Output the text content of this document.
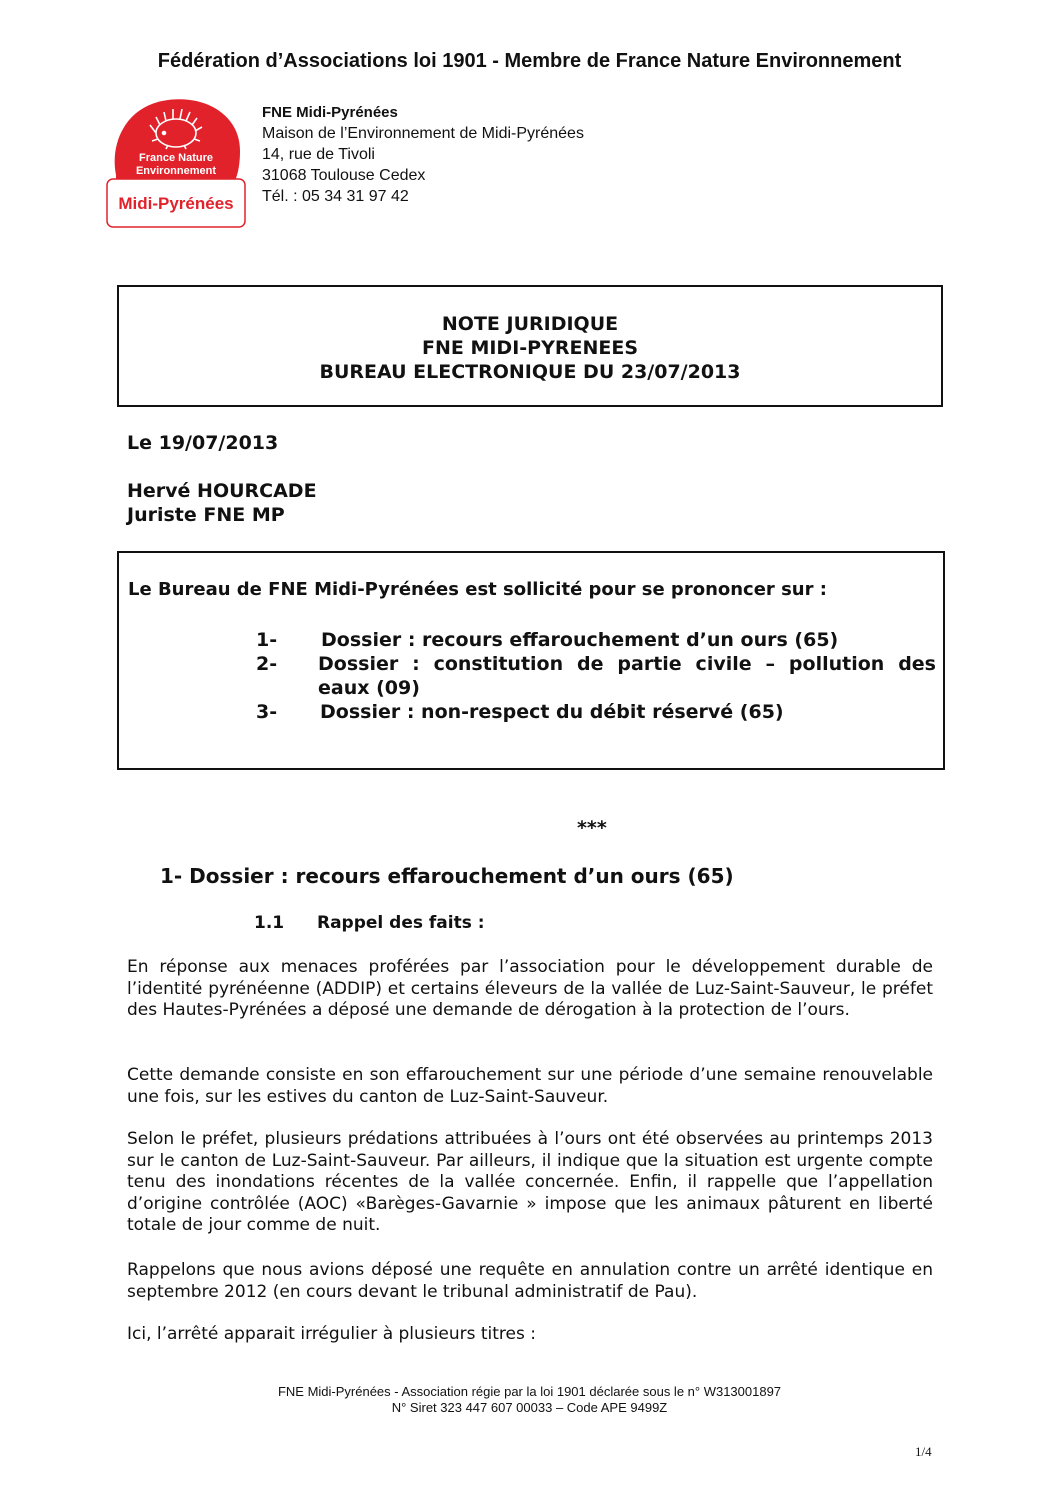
Fédération d’Associations loi 1901 - Membre de France Nature Environnement
France Nature
Environnement
Midi-Pyrénées
FNE Midi-Pyrénées
Maison de l’Environnement de Midi-Pyrénées
14, rue de Tivoli
31068 Toulouse Cedex
Tél. : 05 34 31 97 42
NOTE JURIDIQUE
FNE MIDI-PYRENEES
BUREAU ELECTRONIQUE DU 23/07/2013
Le 19/07/2013
Hervé HOURCADE
Juriste FNE MP
Le Bureau de FNE Midi-Pyrénées est sollicité pour se prononcer sur :
1- Dossier : recours effarouchement d’un ours (65)
2- Dossier : constitution de partie civile – pollution des
eaux (09)
3- Dossier : non-respect du débit réservé (65)
***
1- Dossier : recours effarouchement d’un ours (65)
1.1 Rappel des faits :

En réponse aux menaces proférées par l’association pour le développement durable de l’identité pyrénéenne (ADDIP) et certains éleveurs de la vallée de Luz-Saint-Sauveur, le préfet des Hautes-Pyrénées a déposé une demande de dérogation à la protection de l’ours.

Cette demande consiste en son effarouchement sur une période d’une semaine renouvelable une fois, sur les estives du canton de Luz-Saint-Sauveur.

Selon le préfet, plusieurs prédations attribuées à l’ours ont été observées au printemps 2013 sur le canton de Luz-Saint-Sauveur. Par ailleurs, il indique que la situation est urgente compte tenu des inondations récentes de la vallée concernée. Enfin, il rappelle que l’appellation d’origine contrôlée (AOC) «Barèges-Gavarnie » impose que les animaux pâturent en liberté totale de jour comme de nuit.

Rappelons que nous avions déposé une requête en annulation contre un arrêté identique en septembre 2012 (en cours devant le tribunal administratif de Pau).

Ici, l’arrêté apparait irrégulier à plusieurs titres :

FNE Midi-Pyrénées - Association régie par la loi 1901 déclarée sous le n° W313001897
N° Siret 323 447 607 00033 – Code APE 9499Z
1/4
